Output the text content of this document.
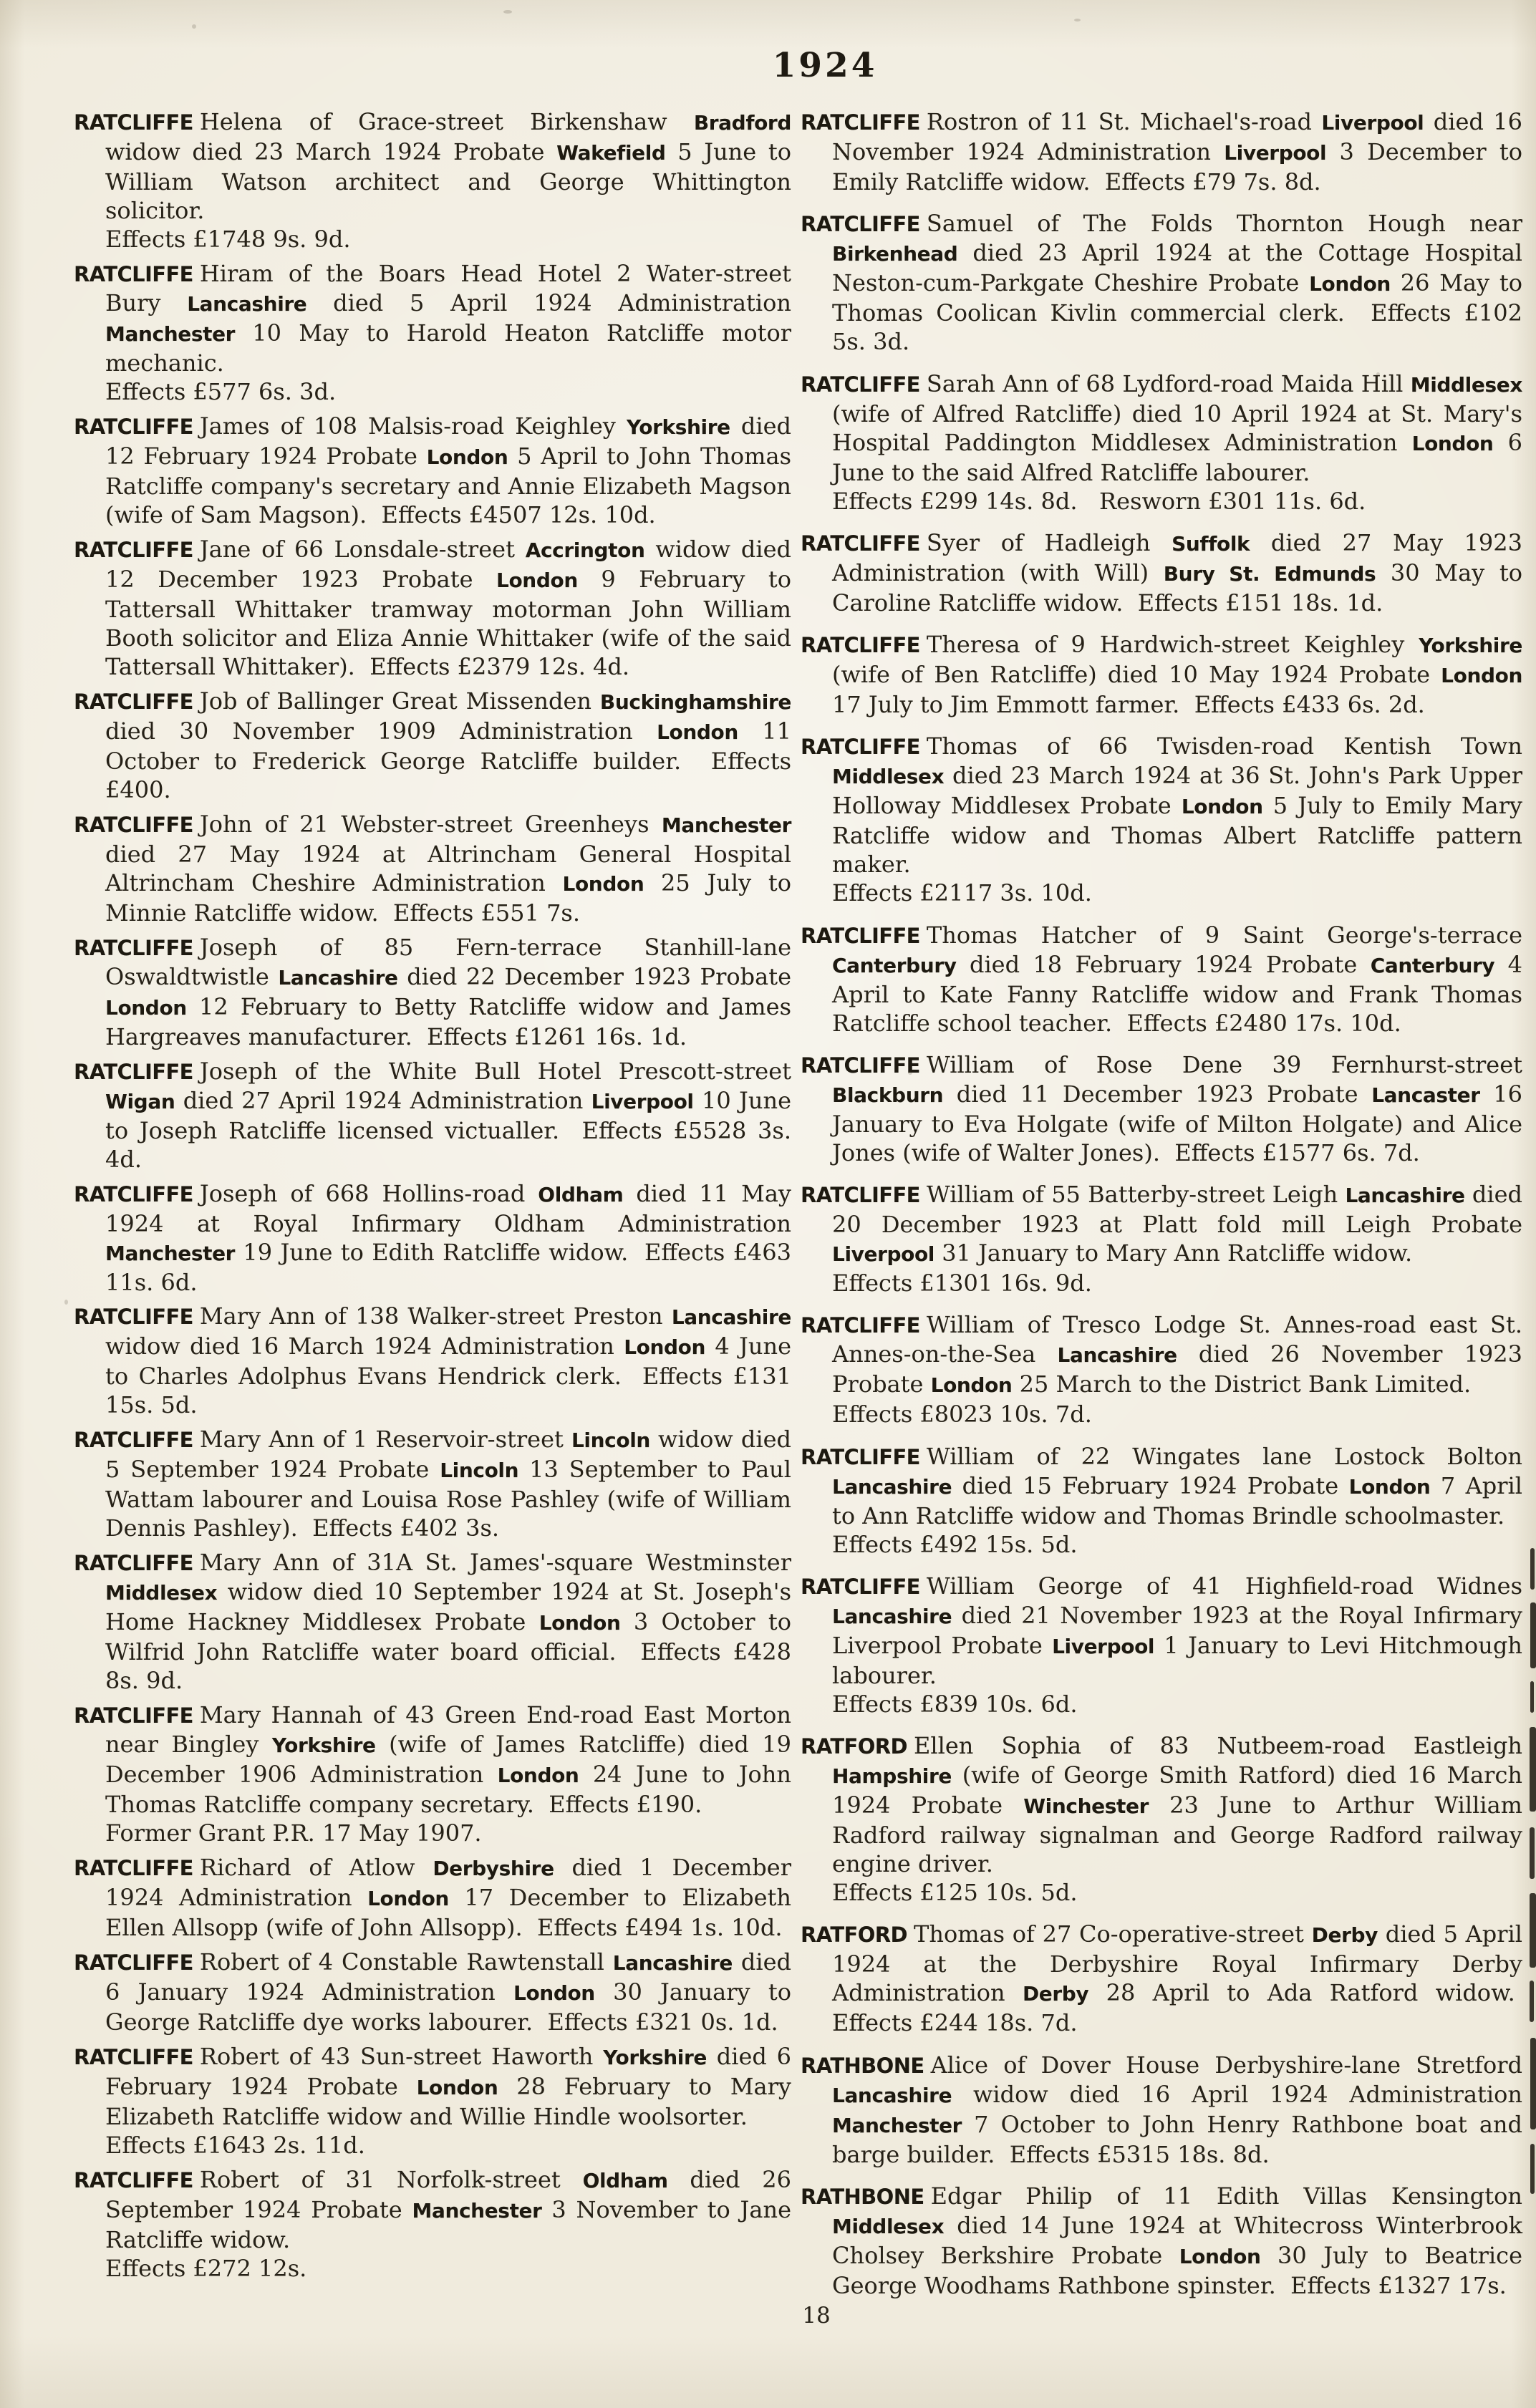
1924

RATCLIFFE Helena of Grace-street Birkenshaw Bradford widow died 23 March 1924 Probate Wakefield 5 June to William Watson architect and George Whittington solicitor.
Effects £1748 9s. 9d.

RATCLIFFE Hiram of the Boars Head Hotel 2 Water-street Bury Lancashire died 5 April 1924 Administration Manchester 10 May to Harold Heaton Ratcliffe motor mechanic.
Effects £577 6s. 3d.

RATCLIFFE James of 108 Malsis-road Keighley Yorkshire died 12 February 1924 Probate London 5 April to John Thomas Ratcliffe company's secretary and Annie Elizabeth Magson (wife of Sam Magson).  Effects £4507 12s. 10d.

RATCLIFFE Jane of 66 Lonsdale-street Accrington widow died 12 December 1923 Probate London 9 February to Tattersall Whittaker tramway motorman John William Booth solicitor and Eliza Annie Whittaker (wife of the said Tattersall Whittaker).  Effects £2379 12s. 4d.

RATCLIFFE Job of Ballinger Great Missenden Buckinghamshire died 30 November 1909 Administration London 11 October to Frederick George Ratcliffe builder.  Effects £400.

RATCLIFFE John of 21 Webster-street Greenheys Manchester died 27 May 1924 at Altrincham General Hospital Altrincham Cheshire Administration London 25 July to Minnie Ratcliffe widow.  Effects £551 7s.

RATCLIFFE Joseph of 85 Fern-terrace Stanhill-lane Oswaldtwistle Lancashire died 22 December 1923 Probate London 12 February to Betty Ratcliffe widow and James Hargreaves manufacturer.  Effects £1261 16s. 1d.

RATCLIFFE Joseph of the White Bull Hotel Prescott-street Wigan died 27 April 1924 Administration Liverpool 10 June to Joseph Ratcliffe licensed victualler.  Effects £5528 3s. 4d.

RATCLIFFE Joseph of 668 Hollins-road Oldham died 11 May 1924 at Royal Infirmary Oldham Administration Manchester 19 June to Edith Ratcliffe widow.  Effects £463 11s. 6d.

RATCLIFFE Mary Ann of 138 Walker-street Preston Lancashire widow died 16 March 1924 Administration London 4 June to Charles Adolphus Evans Hendrick clerk.  Effects £131 15s. 5d.

RATCLIFFE Mary Ann of 1 Reservoir-street Lincoln widow died 5 September 1924 Probate Lincoln 13 September to Paul Wattam labourer and Louisa Rose Pashley (wife of William Dennis Pashley).  Effects £402 3s.

RATCLIFFE Mary Ann of 31A St. James'-square Westminster Middlesex widow died 10 September 1924 at St. Joseph's Home Hackney Middlesex Probate London 3 October to Wilfrid John Ratcliffe water board official.  Effects £428 8s. 9d.

RATCLIFFE Mary Hannah of 43 Green End-road East Morton near Bingley Yorkshire (wife of James Ratcliffe) died 19 December 1906 Administration London 24 June to John Thomas Ratcliffe company secretary.  Effects £190.
Former Grant P.R. 17 May 1907.

RATCLIFFE Richard of Atlow Derbyshire died 1 December 1924 Administration London 17 December to Elizabeth Ellen Allsopp (wife of John Allsopp).  Effects £494 1s. 10d.

RATCLIFFE Robert of 4 Constable Rawtenstall Lancashire died 6 January 1924 Administration London 30 January to George Ratcliffe dye works labourer.  Effects £321 0s. 1d.

RATCLIFFE Robert of 43 Sun-street Haworth Yorkshire died 6 February 1924 Probate London 28 February to Mary Elizabeth Ratcliffe widow and Willie Hindle woolsorter.
Effects £1643 2s. 11d.

RATCLIFFE Robert of 31 Norfolk-street Oldham died 26 September 1924 Probate Manchester 3 November to Jane Ratcliffe widow.
Effects £272 12s.

RATCLIFFE Rostron of 11 St. Michael's-road Liverpool died 16 November 1924 Administration Liverpool 3 December to Emily Ratcliffe widow.  Effects £79 7s. 8d.

RATCLIFFE Samuel of The Folds Thornton Hough near Birkenhead died 23 April 1924 at the Cottage Hospital Neston-cum-Parkgate Cheshire Probate London 26 May to Thomas Coolican Kivlin commercial clerk.  Effects £102 5s. 3d.

RATCLIFFE Sarah Ann of 68 Lydford-road Maida Hill Middlesex (wife of Alfred Ratcliffe) died 10 April 1924 at St. Mary's Hospital Paddington Middlesex Administration London 6 June to the said Alfred Ratcliffe labourer.
Effects £299 14s. 8d.   Resworn £301 11s. 6d.

RATCLIFFE Syer of Hadleigh Suffolk died 27 May 1923 Administration (with Will) Bury St. Edmunds 30 May to Caroline Ratcliffe widow.  Effects £151 18s. 1d.

RATCLIFFE Theresa of 9 Hardwich-street Keighley Yorkshire (wife of Ben Ratcliffe) died 10 May 1924 Probate London 17 July to Jim Emmott farmer.  Effects £433 6s. 2d.

RATCLIFFE Thomas of 66 Twisden-road Kentish Town Middlesex died 23 March 1924 at 36 St. John's Park Upper Holloway Middlesex Probate London 5 July to Emily Mary Ratcliffe widow and Thomas Albert Ratcliffe pattern maker.
Effects £2117 3s. 10d.

RATCLIFFE Thomas Hatcher of 9 Saint George's-terrace Canterbury died 18 February 1924 Probate Canterbury 4 April to Kate Fanny Ratcliffe widow and Frank Thomas Ratcliffe school teacher.  Effects £2480 17s. 10d.

RATCLIFFE William of Rose Dene 39 Fernhurst-street Blackburn died 11 December 1923 Probate Lancaster 16 January to Eva Holgate (wife of Milton Holgate) and Alice Jones (wife of Walter Jones).  Effects £1577 6s. 7d.

RATCLIFFE William of 55 Batterby-street Leigh Lancashire died 20 December 1923 at Platt fold mill Leigh Probate Liverpool 31 January to Mary Ann Ratcliffe widow.
Effects £1301 16s. 9d.

RATCLIFFE William of Tresco Lodge St. Annes-road east St. Annes-on-the-Sea Lancashire died 26 November 1923 Probate London 25 March to the District Bank Limited.
Effects £8023 10s. 7d.

RATCLIFFE William of 22 Wingates lane Lostock Bolton Lancashire died 15 February 1924 Probate London 7 April to Ann Ratcliffe widow and Thomas Brindle schoolmaster.
Effects £492 15s. 5d.

RATCLIFFE William George of 41 Highfield-road Widnes Lancashire died 21 November 1923 at the Royal Infirmary Liverpool Probate Liverpool 1 January to Levi Hitchmough labourer.
Effects £839 10s. 6d.

RATFORD Ellen Sophia of 83 Nutbeem-road Eastleigh Hampshire (wife of George Smith Ratford) died 16 March 1924 Probate Winchester 23 June to Arthur William Radford railway signalman and George Radford railway engine driver.
Effects £125 10s. 5d.

RATFORD Thomas of 27 Co-operative-street Derby died 5 April 1924 at the Derbyshire Royal Infirmary Derby Administration Derby 28 April to Ada Ratford widow.  Effects £244 18s. 7d.

RATHBONE Alice of Dover House Derbyshire-lane Stretford Lancashire widow died 16 April 1924 Administration Manchester 7 October to John Henry Rathbone boat and barge builder.  Effects £5315 18s. 8d.

RATHBONE Edgar Philip of 11 Edith Villas Kensington Middlesex died 14 June 1924 at Whitecross Winterbrook Cholsey Berkshire Probate London 30 July to Beatrice George Woodhams Rathbone spinster.  Effects £1327 17s.

18
